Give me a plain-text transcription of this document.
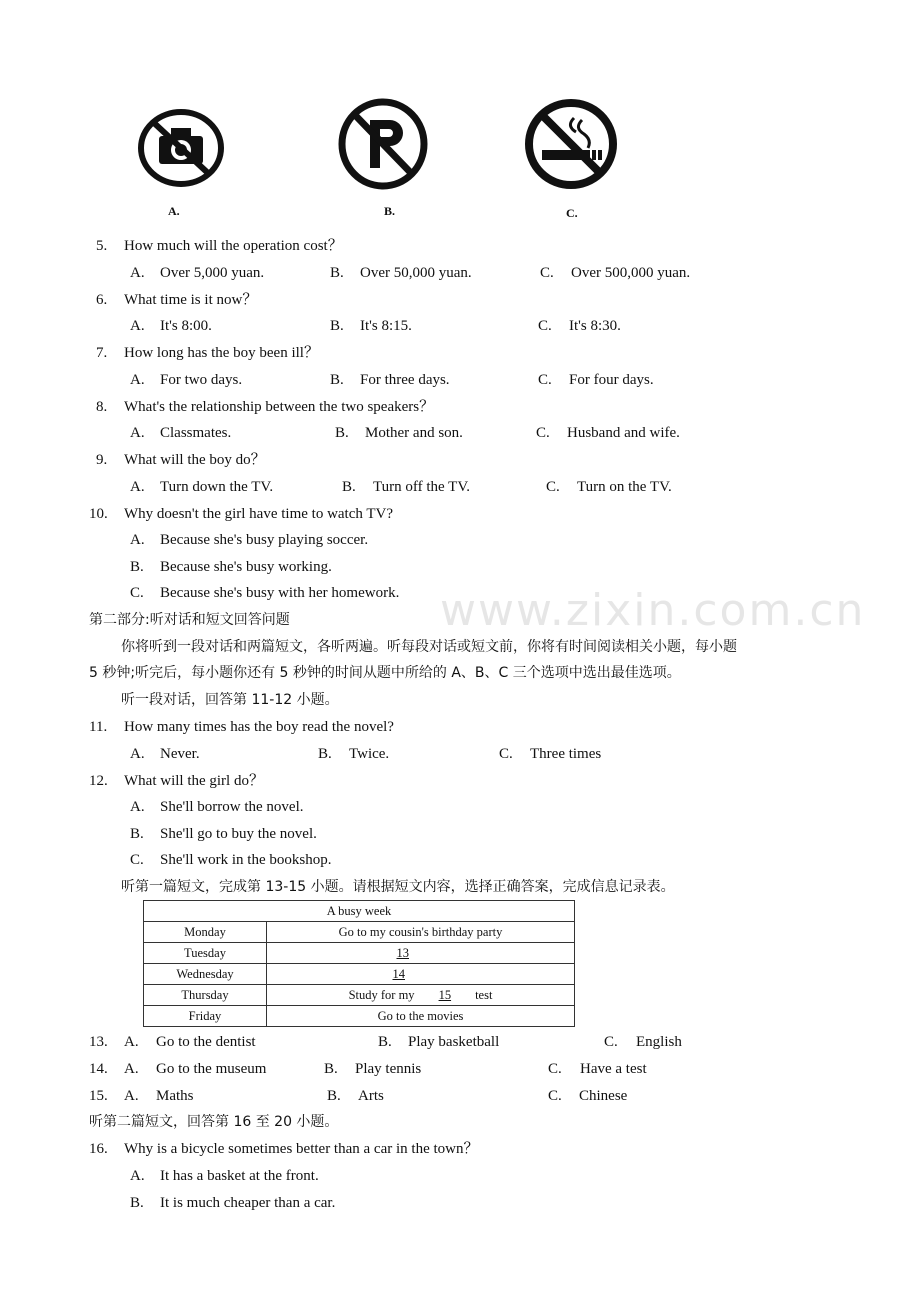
www.zixin.com.cn
A.	B.	C.
5. How much will the operation cost？
A. Over 5,000 yuan.	B. Over 50,000 yuan.	C. Over 500,000 yuan.
6. What time is it now？
A. It's 8:00.	B. It's 8:15.	C. It's 8:30.
7. How long has the boy been ill？
A. For two days.	B. For three days.	C. For four days.
8. What's the relationship between the two speakers？
A. Classmates.	B. Mother and son.	C. Husband and wife.
9. What will the boy do？
A. Turn down the TV.	B. Turn off the TV.	C. Turn on the TV.
10. Why doesn't the girl have time to watch TV?
A. Because she's busy playing soccer.
B. Because she's busy working.
C. Because she's busy with her homework.
第二部分:听对话和短文回答问题
你将听到一段对话和两篇短文，各听两遍。听每段对话或短文前，你将有时间阅读相关小题，每小题
5 秒钟;听完后，每小题你还有 5 秒钟的时间从题中所给的 A、B、C 三个选项中选出最佳选项。
听一段对话，回答第 11-12 小题。
11. How many times has the boy read the novel?
A. Never.	B. Twice.	C. Three times
12. What will the girl do？
A. She'll borrow the novel.
B. She'll go to buy the novel.
C. She'll work in the bookshop.
听第一篇短文，完成第 13-15 小题。请根据短文内容，选择正确答案，完成信息记录表。
A busy week	
Monday	Go to my cousin's birthday party
Tuesday	13
Wednesday	14
Thursday	Study for my 15 test
Friday	Go to the movies
13. A. Go to the dentist	B. Play basketball	C. English
14. A. Go to the museum	B. Play tennis	C. Have a test
15. A. Maths	B. Arts	C. Chinese
听第二篇短文，回答第 16 至 20 小题。
16. Why is a bicycle sometimes better than a car in the town？
A. It has a basket at the front.
B. It is much cheaper than a car.
